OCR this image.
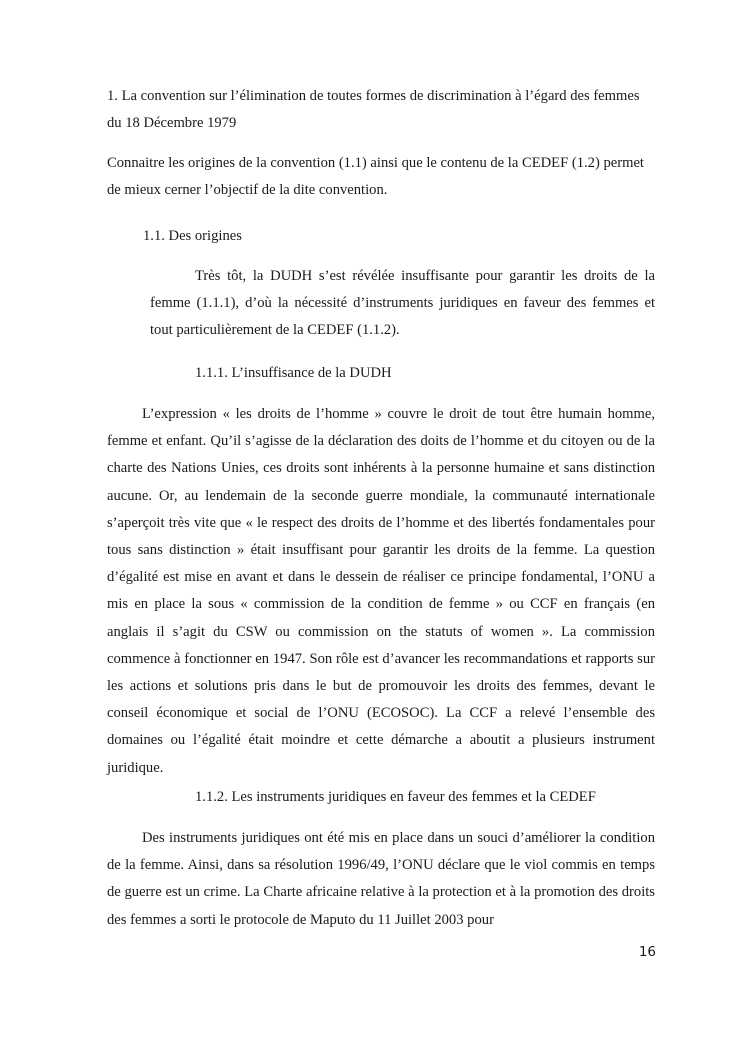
1. La convention sur l’élimination de toutes formes de discrimination à l’égard des femmes du 18 Décembre 1979

Connaitre les origines de la convention (1.1) ainsi que le contenu de la CEDEF (1.2) permet de mieux cerner l’objectif de la dite convention.

1.1. Des origines

Très tôt, la DUDH s’est révélée insuffisante pour garantir les droits de la femme (1.1.1), d’où la nécessité d’instruments juridiques en faveur des femmes et tout particulièrement de la CEDEF (1.1.2).

1.1.1. L’insuffisance de la DUDH

L’expression « les droits de l’homme » couvre le droit de tout être humain homme, femme et enfant. Qu’il s’agisse de la déclaration des doits de l’homme et du citoyen ou de la charte des Nations Unies, ces droits sont inhérents à la personne humaine et sans distinction aucune. Or, au lendemain de la seconde guerre mondiale, la communauté internationale s’aperçoit très vite que « le respect des droits de l’homme et des libertés fondamentales pour tous sans distinction » était insuffisant pour garantir les droits de la femme. La question d’égalité est mise en avant et dans le dessein de réaliser ce principe fondamental, l’ONU a mis en place la sous « commission de la condition de femme » ou CCF en français (en anglais il s’agit du CSW ou commission on the statuts of women ». La commission commence à fonctionner en 1947. Son rôle est d’avancer les recommandations et rapports sur les actions et solutions pris dans le but de promouvoir les droits des femmes, devant le conseil économique et social de l’ONU (ECOSOC). La CCF a relevé l’ensemble des domaines ou l’égalité était moindre et cette démarche a aboutit a plusieurs instrument juridique.

1.1.2. Les instruments juridiques en faveur des femmes et la CEDEF

Des instruments juridiques ont été mis en place dans un souci d’améliorer la condition de la femme. Ainsi, dans sa résolution 1996/49, l’ONU déclare que le viol commis en temps de guerre est un crime. La Charte africaine relative à la protection et à la promotion des droits des femmes a sorti le protocole de Maputo du 11 Juillet 2003 pour

16
